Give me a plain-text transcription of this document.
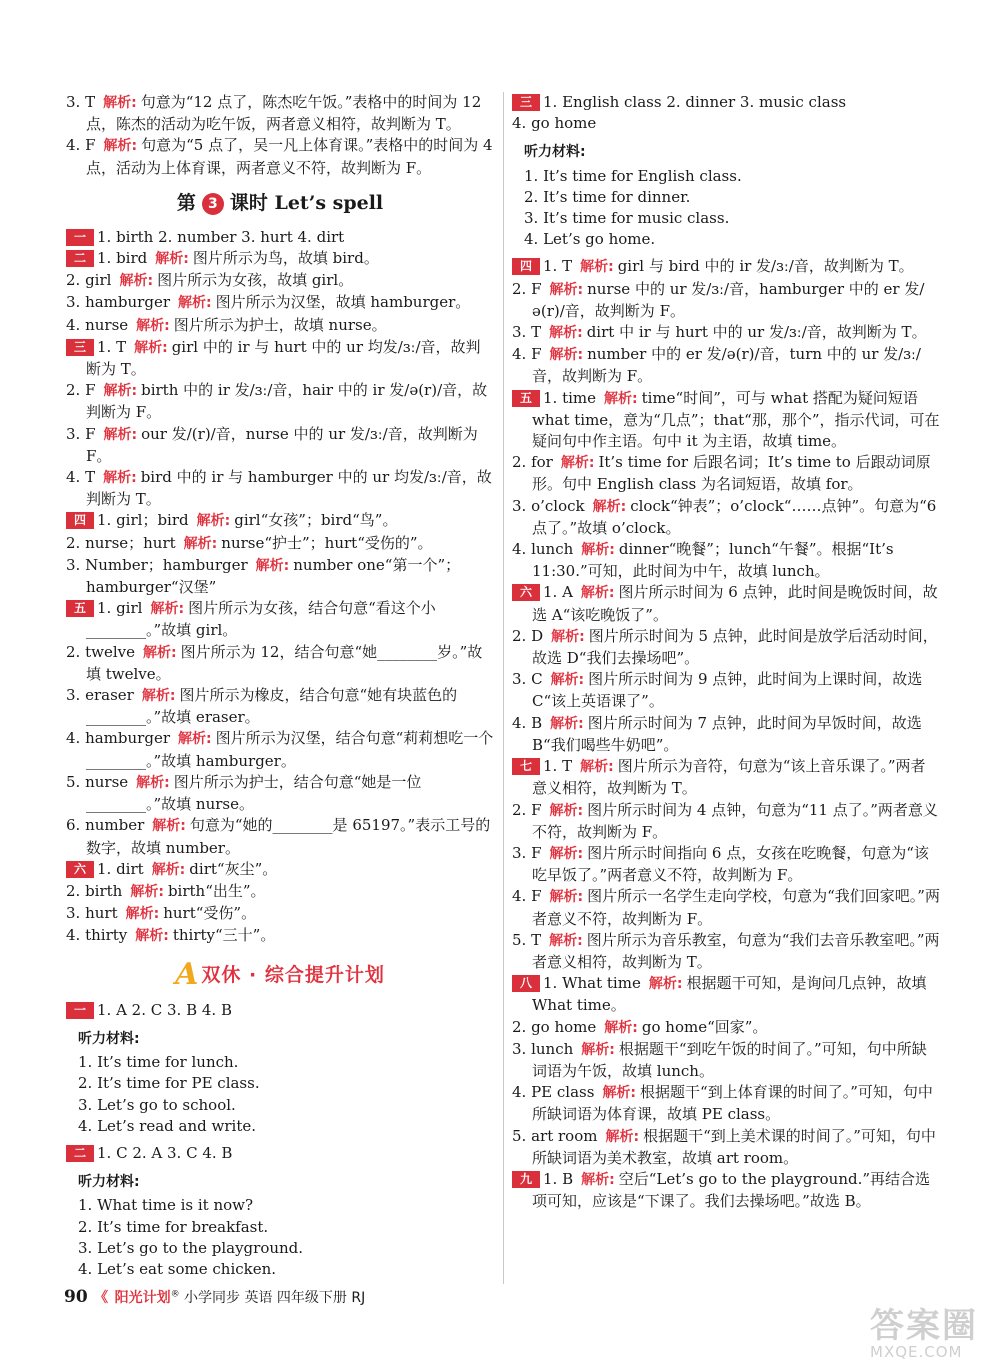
3. T 解析: 句意为“12 点了，陈杰吃午饭。”表格中的时间为 12 点，陈杰的活动为吃午饭，两者意义相符，故判断为 T。
4. F 解析: 句意为“5 点了，吴一凡上体育课。”表格中的时间为 4 点，活动为上体育课，两者意义不符，故判断为 F。
第 3 课时 Let’s spell
一 1. birth 2. number 3. hurt 4. dirt
二 1. bird 解析: 图片所示为鸟，故填 bird。
2. girl 解析: 图片所示为女孩，故填 girl。
3. hamburger 解析: 图片所示为汉堡，故填 hamburger。
4. nurse 解析: 图片所示为护士，故填 nurse。
三 1. T 解析: girl 中的 ir 与 hurt 中的 ur 均发/ɜː/音，故判断为 T。
2. F 解析: birth 中的 ir 发/ɜː/音，hair 中的 ir 发/ə(r)/音，故判断为 F。
3. F 解析: our 发/(r)/音，nurse 中的 ur 发/ɜː/音，故判断为 F。
4. T 解析: bird 中的 ir 与 hamburger 中的 ur 均发/ɜː/音，故判断为 T。
四 1. girl；bird 解析: girl“女孩”；bird“鸟”。
2. nurse；hurt 解析: nurse“护士”；hurt“受伤的”。
3. Number；hamburger 解析: number one“第一个”；hamburger“汉堡”
五 1. girl 解析: 图片所示为女孩，结合句意“看这个小________。”故填 girl。
2. twelve 解析: 图片所示为 12，结合句意“她________岁。”故填 twelve。
3. eraser 解析: 图片所示为橡皮，结合句意“她有块蓝色的________。”故填 eraser。
4. hamburger 解析: 图片所示为汉堡，结合句意“莉莉想吃一个________。”故填 hamburger。
5. nurse 解析: 图片所示为护士，结合句意“她是一位________。”故填 nurse。
6. number 解析: 句意为“她的________是 65197。”表示工号的数字，故填 number。
六 1. dirt 解析: dirt“灰尘”。
2. birth 解析: birth“出生”。
3. hurt 解析: hurt“受伤”。
4. thirty 解析: thirty“三十”。
A双休 · 综合提升计划
一 1. A 2. C 3. B 4. B
听力材料:
1. It’s time for lunch.
2. It’s time for PE class.
3. Let’s go to school.
4. Let’s read and write.
二 1. C 2. A 3. C 4. B
听力材料:
1. What time is it now?
2. It’s time for breakfast.
3. Let’s go to the playground.
4. Let’s eat some chicken.
三 1. English class 2. dinner 3. music class
4. go home
听力材料:
1. It’s time for English class.
2. It’s time for dinner.
3. It’s time for music class.
4. Let’s go home.
四 1. T 解析: girl 与 bird 中的 ir 发/ɜː/音，故判断为 T。
2. F 解析: nurse 中的 ur 发/ɜː/音，hamburger 中的 er 发/ə(r)/音，故判断为 F。
3. T 解析: dirt 中 ir 与 hurt 中的 ur 发/ɜː/音，故判断为 T。
4. F 解析: number 中的 er 发/ə(r)/音，turn 中的 ur 发/ɜː/音，故判断为 F。
五 1. time 解析: time“时间”，可与 what 搭配为疑问短语 what time，意为“几点”；that“那，那个”，指示代词，可在疑问句中作主语。句中 it 为主语，故填 time。
2. for 解析: It’s time for 后跟名词；It’s time to 后跟动词原形。句中 English class 为名词短语，故填 for。
3. o’clock 解析: clock“钟表”；o’clock“……点钟”。句意为“6 点了。”故填 o’clock。
4. lunch 解析: dinner“晚餐”；lunch“午餐”。根据“It’s 11:30.”可知，此时间为中午，故填 lunch。
六 1. A 解析: 图片所示时间为 6 点钟，此时间是晚饭时间，故选 A“该吃晚饭了”。
2. D 解析: 图片所示时间为 5 点钟，此时间是放学后活动时间，故选 D“我们去操场吧”。
3. C 解析: 图片所示时间为 9 点钟，此时间为上课时间，故选 C“该上英语课了”。
4. B 解析: 图片所示时间为 7 点钟，此时间为早饭时间，故选 B“我们喝些牛奶吧”。
七 1. T 解析: 图片所示为音符，句意为“该上音乐课了。”两者意义相符，故判断为 T。
2. F 解析: 图片所示时间为 4 点钟，句意为“11 点了。”两者意义不符，故判断为 F。
3. F 解析: 图片所示时间指向 6 点，女孩在吃晚餐，句意为“该吃早饭了。”两者意义不符，故判断为 F。
4. F 解析: 图片所示一名学生走向学校，句意为“我们回家吧。”两者意义不符，故判断为 F。
5. T 解析: 图片所示为音乐教室，句意为“我们去音乐教室吧。”两者意义相符，故判断为 T。
八 1. What time 解析: 根据题干可知，是询问几点钟，故填 What time。
2. go home 解析: go home“回家”。
3. lunch 解析: 根据题干“到吃午饭的时间了。”可知，句中所缺词语为午饭，故填 lunch。
4. PE class 解析: 根据题干“到上体育课的时间了。”可知，句中所缺词语为体育课，故填 PE class。
5. art room 解析: 根据题干“到上美术课的时间了。”可知，句中所缺词语为美术教室，故填 art room。
九 1. B 解析: 空后“Let’s go to the playground.”再结合选项可知，应该是“下课了。我们去操场吧。”故选 B。
90 《 阳光计划® 小学同步 英语 四年级下册 RJ
答案圈
MXQE.COM
